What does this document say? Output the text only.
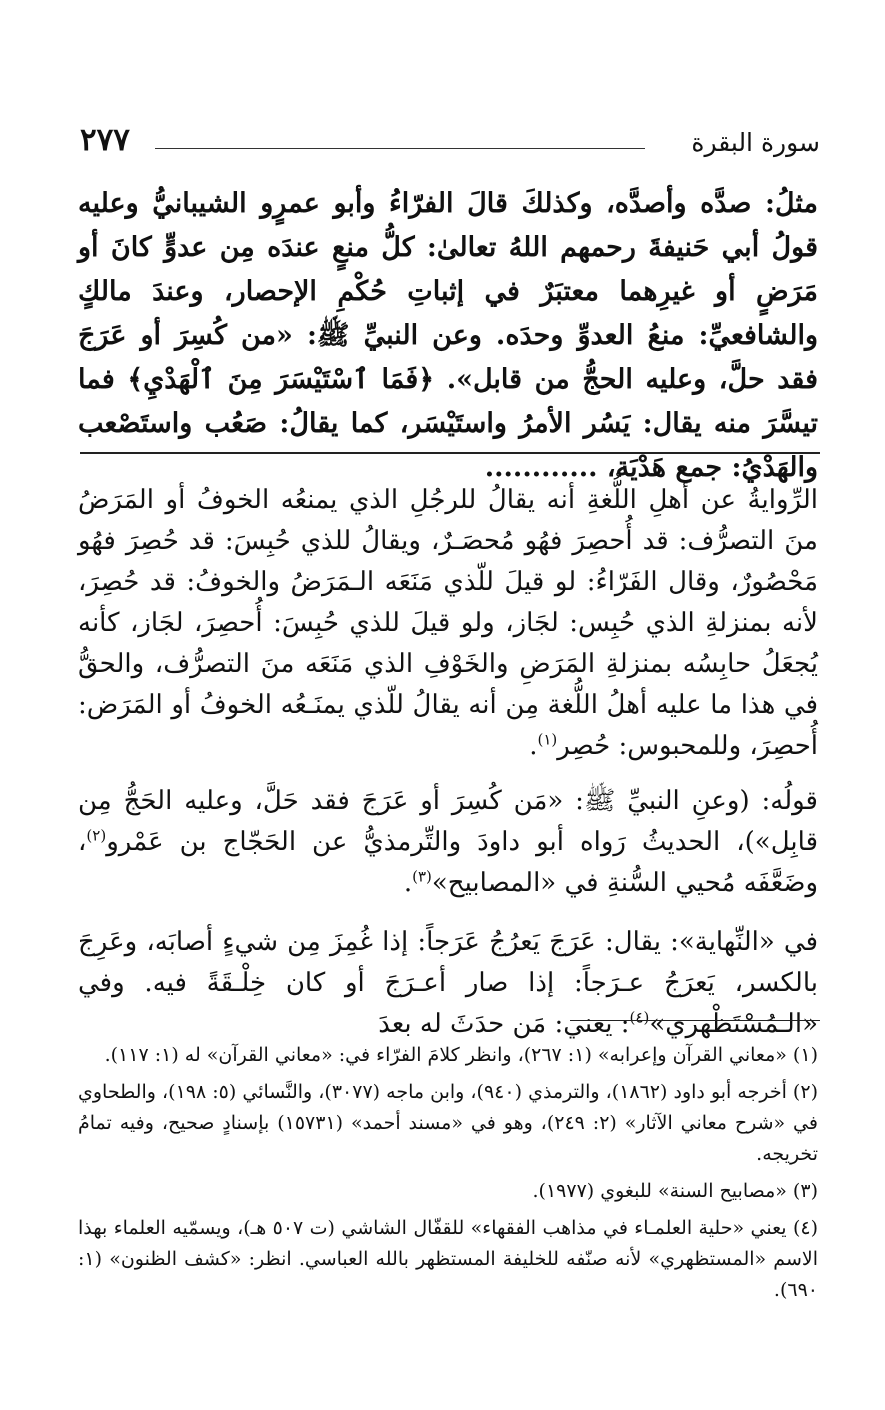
سورة البقرة
٢٧٧
مثلُ: صدَّه وأصدَّه، وكذلكَ قالَ الفرّاءُ وأبو عمرٍو الشيبانيُّ وعليه قولُ أبي حَنيفةَ رحمهم اللهُ تعالىٰ: كلُّ منعٍ عندَه مِن عدوٍّ كانَ أو مَرَضٍ أو غيرِهما معتبَرٌ في إثباتِ حُكْمِ الإحصار، وعندَ مالكٍ والشافعيِّ: منعُ العدوِّ وحدَه. وعن النبيِّ ﷺ: «من كُسِرَ أو عَرَجَ فقد حلَّ، وعليه الحجُّ من قابل». ﴿فَمَا ٱسْتَيْسَرَ مِنَ ٱلْهَدْيِ﴾ فما تيسَّرَ منه يقال: يَسُر الأمرُ واستَيْسَر، كما يقالُ: صَعُب واستَصْعب والهَدْيُ: جمع هَدْيَة، ............

الرِّوايةُ عن أهلِ اللُّغةِ أنه يقالُ للرجُلِ الذي يمنعُه الخوفُ أو المَرَضُ منَ التصرُّف: قد أُحصِرَ فهُو مُحصَـرٌ، ويقالُ للذي حُبِسَ: قد حُصِرَ فهُو مَحْصُورٌ، وقال الفَرّاءُ: لو قيلَ للّذي مَنَعَه الـمَرَضُ والخوفُ: قد حُصِرَ، لأنه بمنزلةِ الذي حُبِس: لجَاز، ولو قيلَ للذي حُبِسَ: أُحصِرَ، لجَاز، كأنه يُجعَلُ حابِسُه بمنزلةِ المَرَضِ والخَوْفِ الذي مَنَعَه منَ التصرُّف، والحقُّ في هذا ما عليه أهلُ اللُّغة مِن أنه يقالُ للّذي يمنَـعُه الخوفُ أو المَرَض: أُحصِرَ، وللمحبوس: حُصِر$^{(١)}$.

قولُه: (وعنِ النبيِّ ﷺ: «مَن كُسِرَ أو عَرَجَ فقد حَلَّ، وعليه الحَجُّ مِن قابِل»)، الحديثُ رَواه أبو داودَ والتِّرمذيُّ عن الحَجّاج بن عَمْرو$^{(٢)}$، وضَعَّفَه مُحيي السُّنةِ في «المصابيح»$^{(٣)}$.

في «النِّهاية»: يقال: عَرَجَ يَعرُجُ عَرَجاً: إذا غُمِزَ مِن شيءٍ أصابَه، وعَرِجَ بالكسر، يَعرَجُ عـرَجاً: إذا صار أعـرَجَ أو كان خِلْـقَةً فيه. وفي «الـمُسْتَظْهري»$^{(٤)}$: يعني: مَن حدَثَ له بعدَ

(١) «معاني القرآن وإعرابه» (١: ٢٦٧)، وانظر كلامَ الفرّاء في: «معاني القرآن» له (١: ١١٧).
(٢) أخرجه أبو داود (١٨٦٢)، والترمذي (٩٤٠)، وابن ماجه (٣٠٧٧)، والنَّسائي (٥: ١٩٨)، والطحاوي في «شرح معاني الآثار» (٢: ٢٤٩)، وهو في «مسند أحمد» (١٥٧٣١) بإسنادٍ صحيح، وفيه تمامُ تخريجه.
(٣) «مصابيح السنة» للبغوي (١٩٧٧).
(٤) يعني «حلية العلمـاء في مذاهب الفقهاء» للقفّال الشاشي (ت ٥٠٧ هـ)، ويسمّيه العلماء بهذا الاسم «المستظهري» لأنه صنّفه للخليفة المستظهر بالله العباسي. انظر: «كشف الظنون» (١: ٦٩٠).
